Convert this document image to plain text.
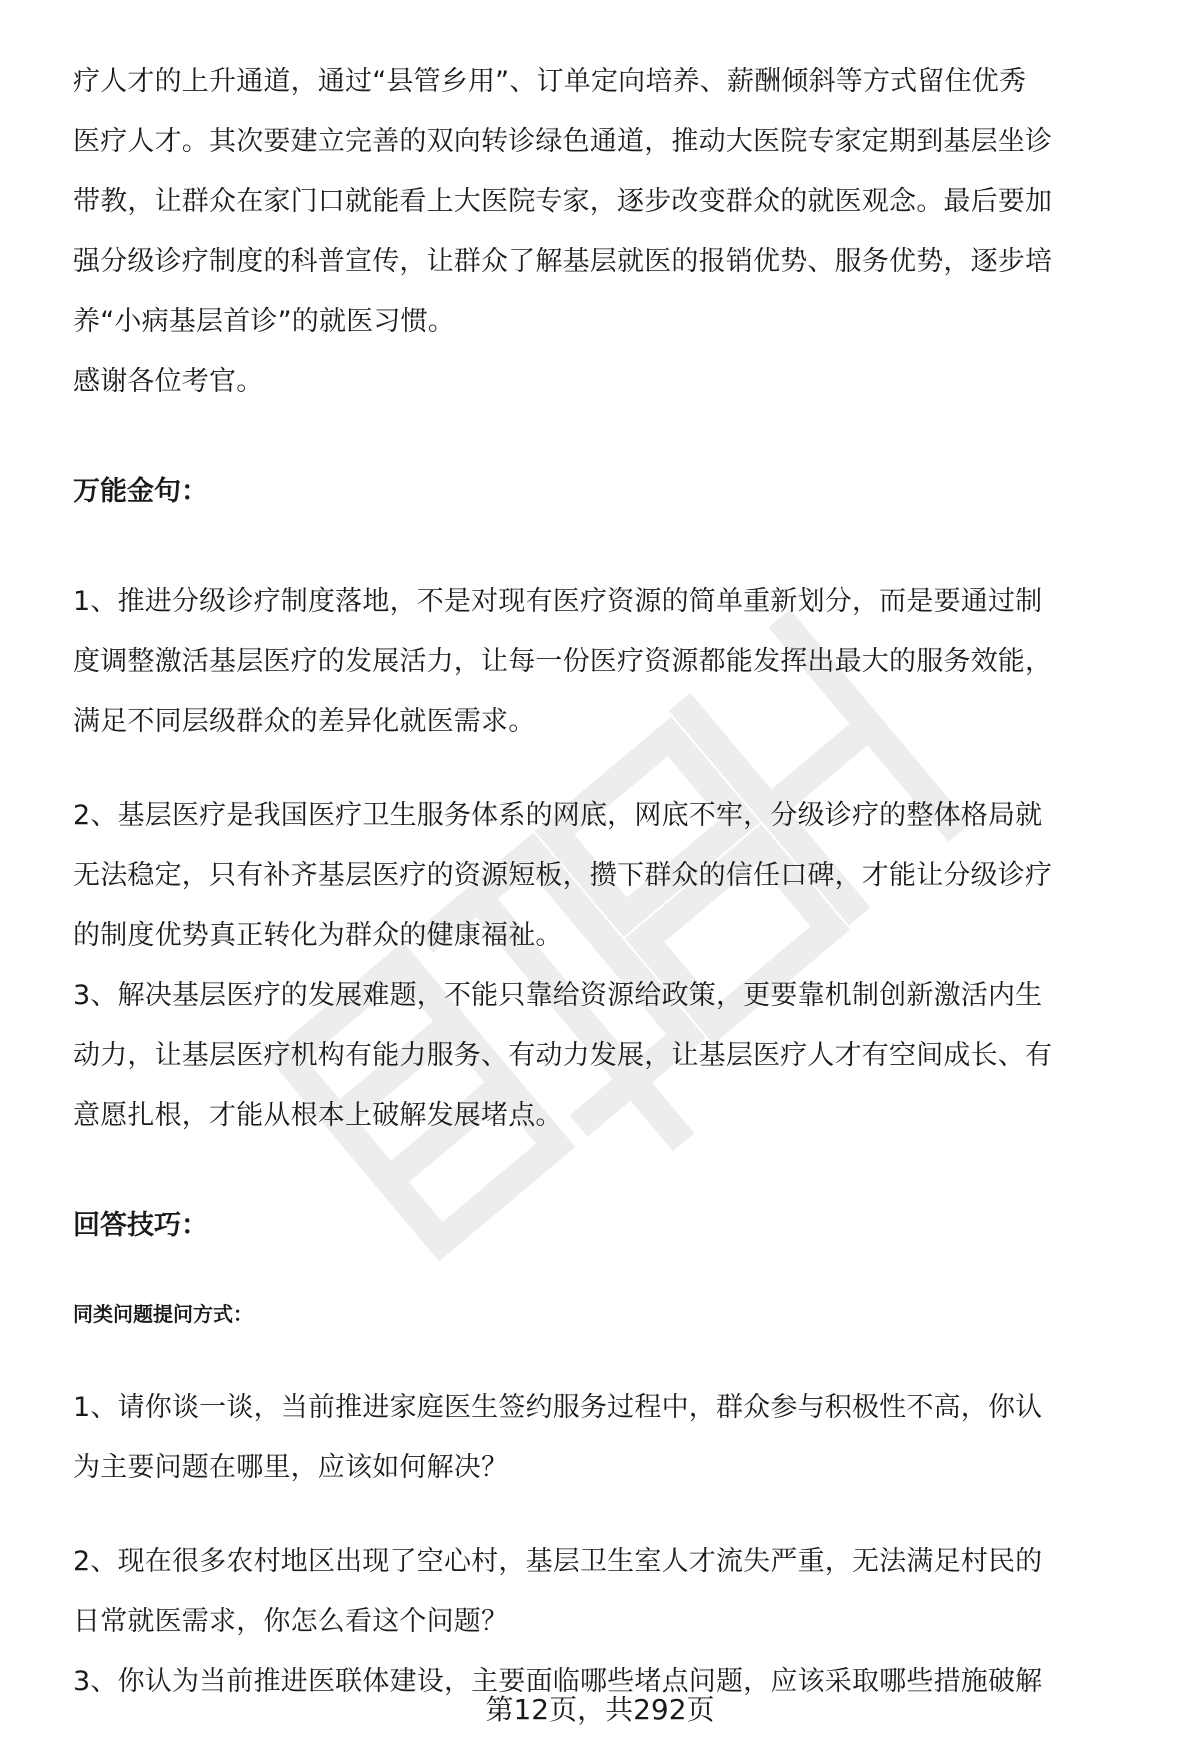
疗人才的上升通道，通过“县管乡用”、订单定向培养、薪酬倾斜等方式留住优秀
医疗人才。其次要建立完善的双向转诊绿色通道，推动大医院专家定期到基层坐诊
带教，让群众在家门口就能看上大医院专家，逐步改变群众的就医观念。最后要加
强分级诊疗制度的科普宣传，让群众了解基层就医的报销优势、服务优势，逐步培
养“小病基层首诊”的就医习惯。
感谢各位考官。
万能金句：
1、推进分级诊疗制度落地，不是对现有医疗资源的简单重新划分，而是要通过制
度调整激活基层医疗的发展活力，让每一份医疗资源都能发挥出最大的服务效能，
满足不同层级群众的差异化就医需求。
2、基层医疗是我国医疗卫生服务体系的网底，网底不牢，分级诊疗的整体格局就
无法稳定，只有补齐基层医疗的资源短板，攒下群众的信任口碑，才能让分级诊疗
的制度优势真正转化为群众的健康福祉。
3、解决基层医疗的发展难题，不能只靠给资源给政策，更要靠机制创新激活内生
动力，让基层医疗机构有能力服务、有动力发展，让基层医疗人才有空间成长、有
意愿扎根，才能从根本上破解发展堵点。
回答技巧：
同类问题提问方式：
1、请你谈一谈，当前推进家庭医生签约服务过程中，群众参与积极性不高，你认
为主要问题在哪里，应该如何解决？
2、现在很多农村地区出现了空心村，基层卫生室人才流失严重，无法满足村民的
日常就医需求，你怎么看这个问题？
3、你认为当前推进医联体建设，主要面临哪些堵点问题，应该采取哪些措施破解
第12页，共292页
